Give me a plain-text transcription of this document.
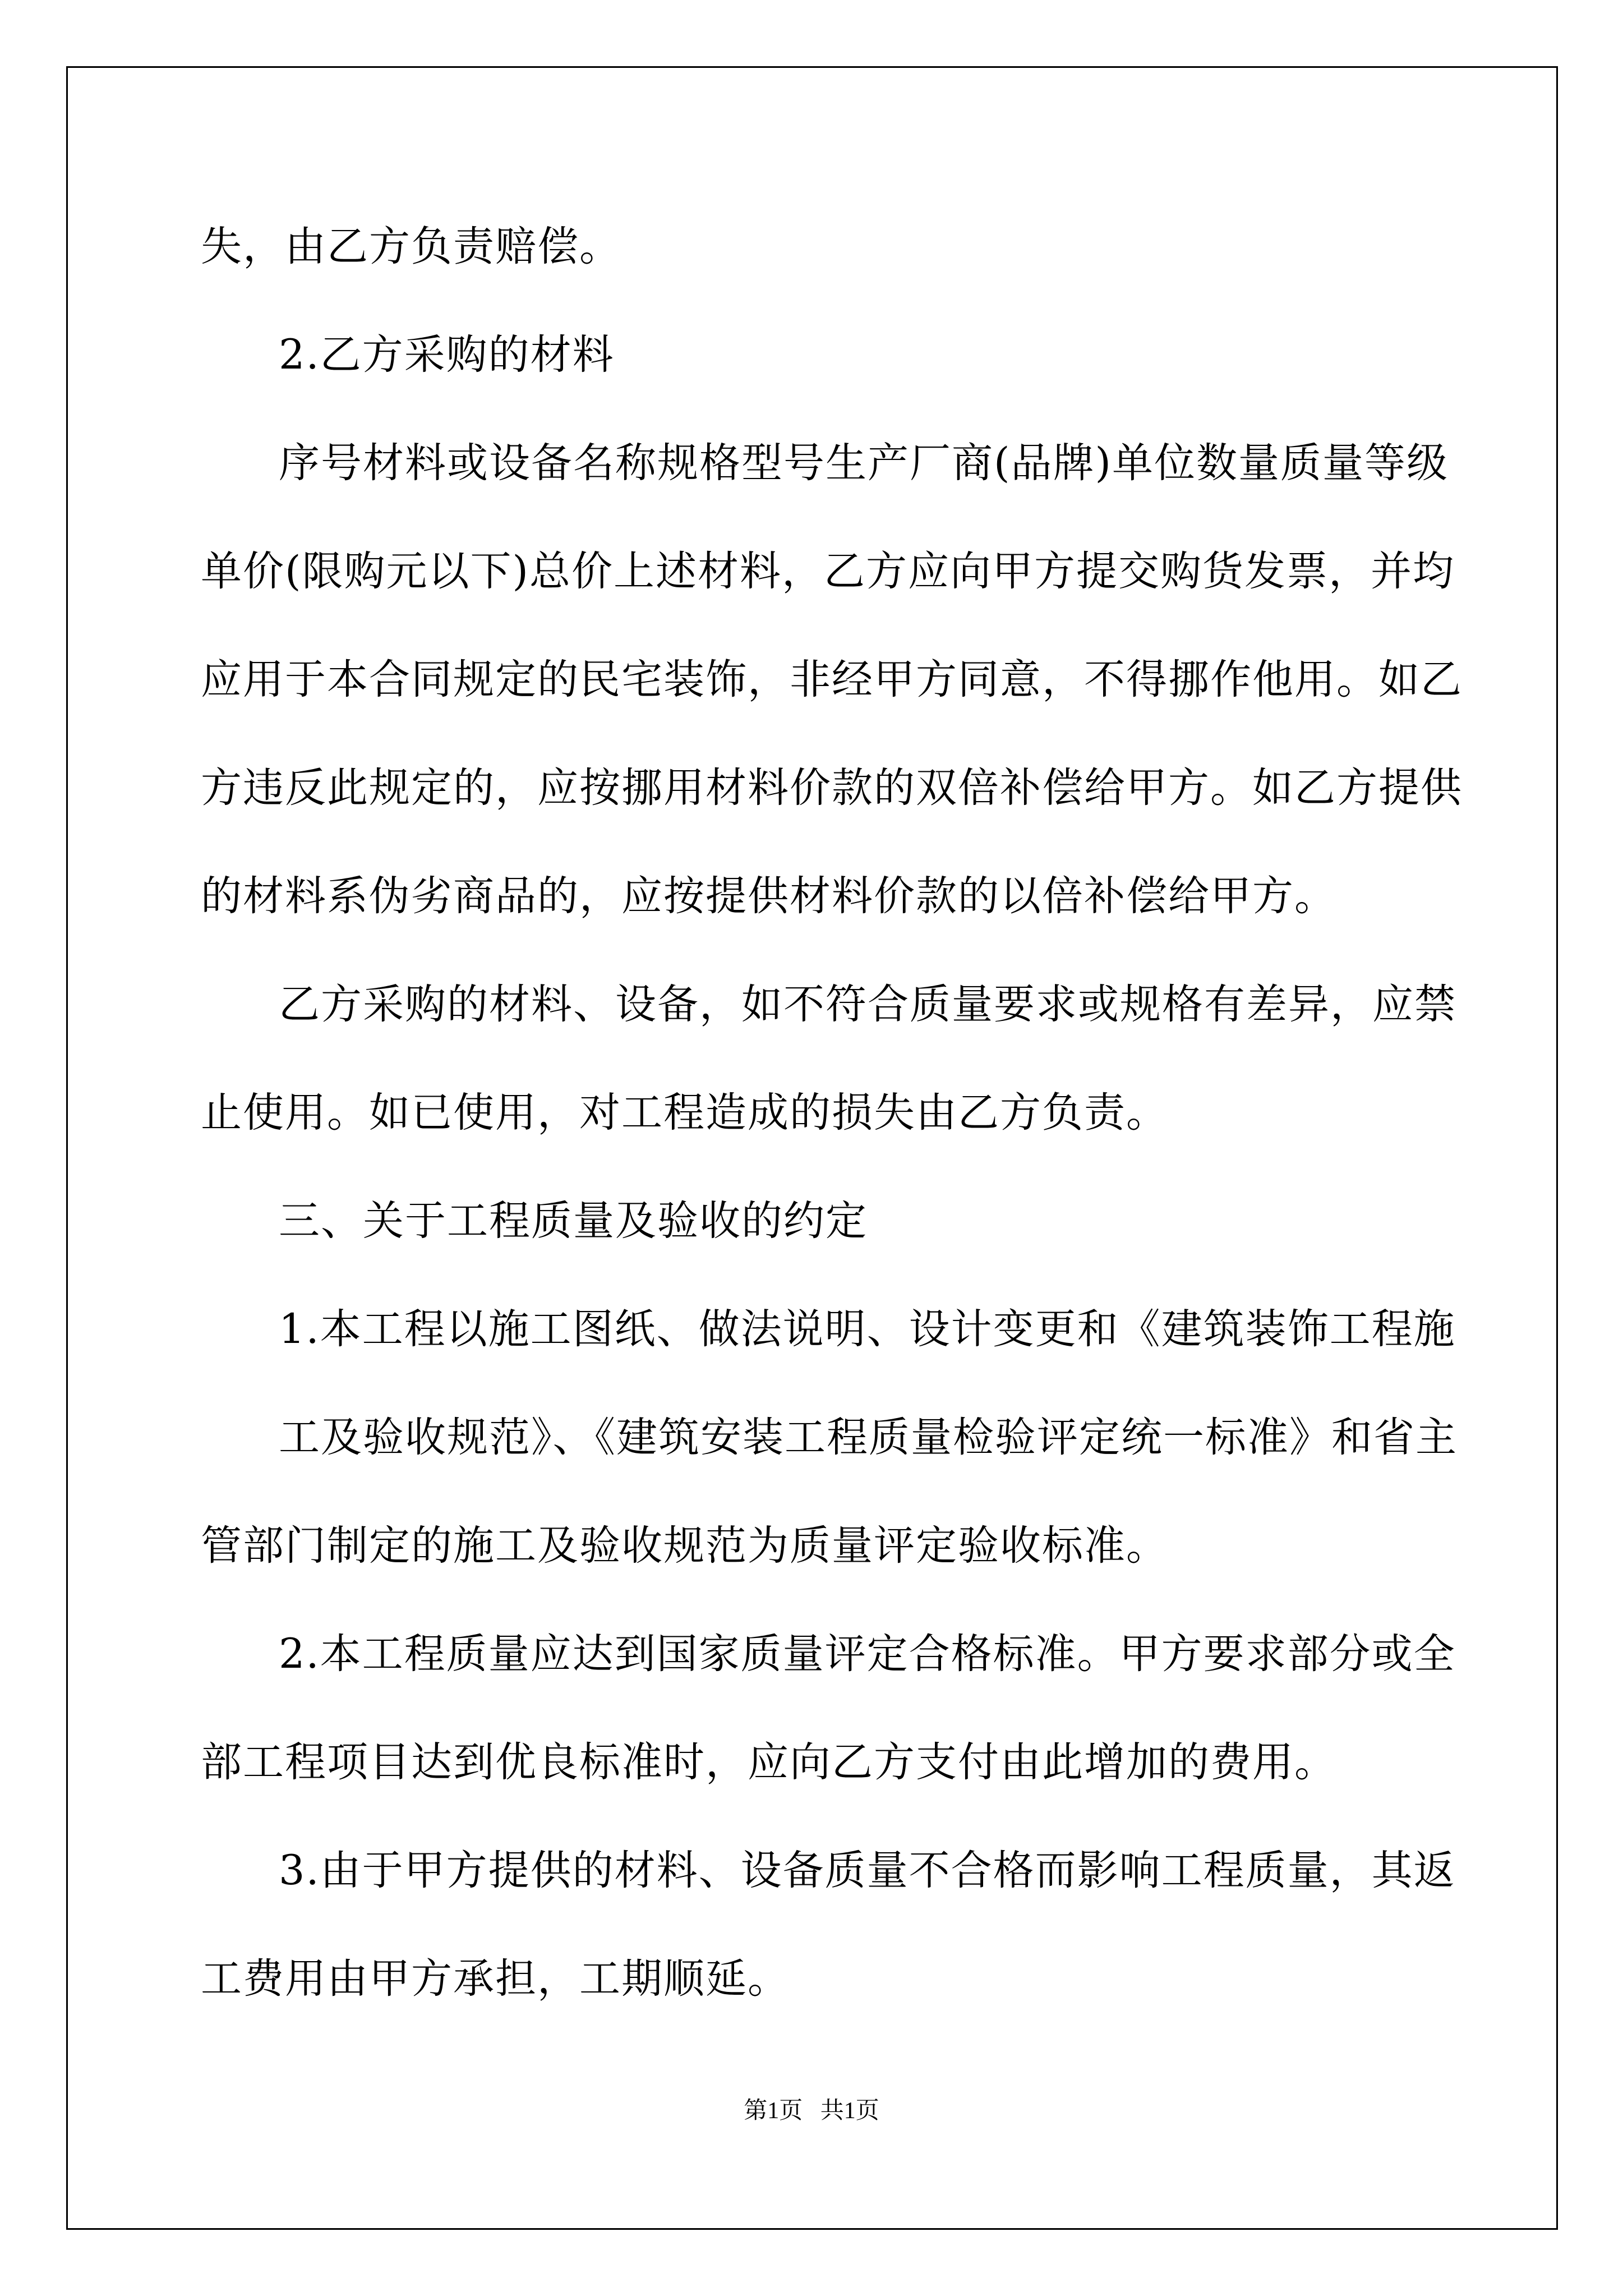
失，由乙方负责赔偿。
2.乙方采购的材料
序号材料或设备名称规格型号生产厂商(品牌)单位数量质量等级
单价(限购元以下)总价上述材料，乙方应向甲方提交购货发票，并均
应用于本合同规定的民宅装饰，非经甲方同意，不得挪作他用。如乙
方违反此规定的，应按挪用材料价款的双倍补偿给甲方。如乙方提供
的材料系伪劣商品的，应按提供材料价款的以倍补偿给甲方。
乙方采购的材料、设备，如不符合质量要求或规格有差异，应禁
止使用。如已使用，对工程造成的损失由乙方负责。
三、关于工程质量及验收的约定
1.本工程以施工图纸、做法说明、设计变更和《建筑装饰工程施
工及验收规范》、《建筑安装工程质量检验评定统一标准》和省主
管部门制定的施工及验收规范为质量评定验收标准。
2.本工程质量应达到国家质量评定合格标准。甲方要求部分或全
部工程项目达到优良标准时，应向乙方支付由此增加的费用。
3.由于甲方提供的材料、设备质量不合格而影响工程质量，其返
工费用由甲方承担，工期顺延。
第1页   共1页
